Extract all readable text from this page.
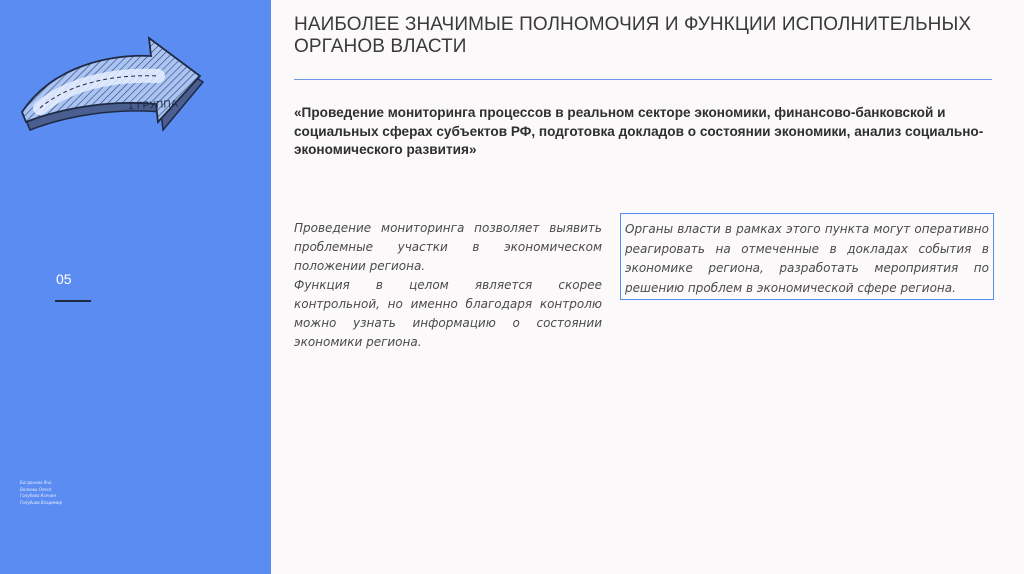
1 ГРУППА
05
Богданова Яна
Волкова Олеся
Голубева Ксения
Голубцов Владимир
НАИБОЛЕЕ ЗНАЧИМЫЕ ПОЛНОМОЧИЯ И ФУНКЦИИ ИСПОЛНИТЕЛЬНЫХ ОРГАНОВ ВЛАСТИ
«Проведение мониторинга процессов в реальном секторе экономики, финансово-банковской и социальных сферах субъектов РФ, подготовка докладов о состоянии экономики, анализ социально-экономического развития»

Проведение мониторинга позволяет выявить проблемные участки в экономическом положении региона.

Функция в целом является скорее контрольной, но именно благодаря контролю можно узнать информацию о состоянии экономики региона.

Органы власти в рамках этого пункта могут оперативно реагировать на отмеченные в докладах события в экономике региона, разработать мероприятия по решению проблем в экономической сфере региона.
